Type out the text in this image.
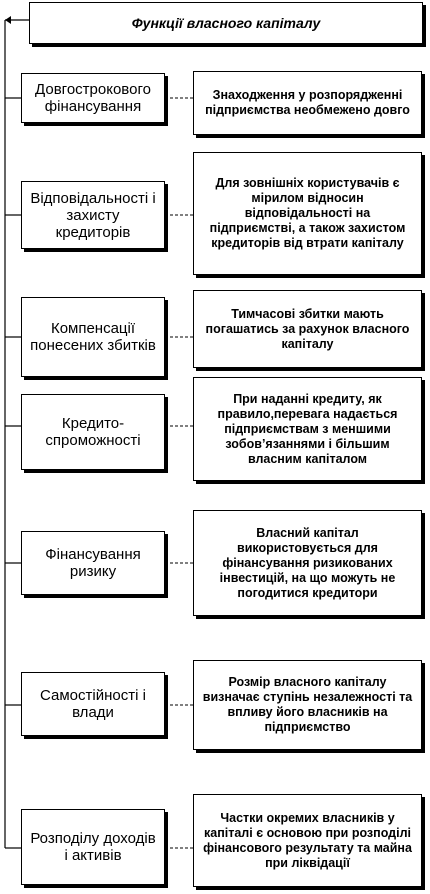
Функції власного капіталу
Довгострокового фінансування
Знаходження у розпорядженні підприємства необмежено довго
Відповідальності і захисту кредиторів
Для зовнішніх користувачів є мірилом відносин відповідальності на підприємстві, а також захистом кредиторів від втрати капіталу
Компенсації понесених збитків
Тимчасові збитки мають погашатись за рахунок власного капіталу
Кредито-спроможності
При наданні кредиту, як правило,перевага надається підприємствам з меншими зобов’язаннями і більшим власним капіталом
Фінансування ризику
Власний капітал використовується для фінансування ризикованих інвестицій, на що можуть не погодитися кредитори
Самостійності і влади
Розмір власного капіталу визначає ступінь незалежності та впливу його власників на підприємство
Розподілу доходів і активів
Частки окремих власників у капіталі є основою при розподілі фінансового результату та майна при ліквідації
